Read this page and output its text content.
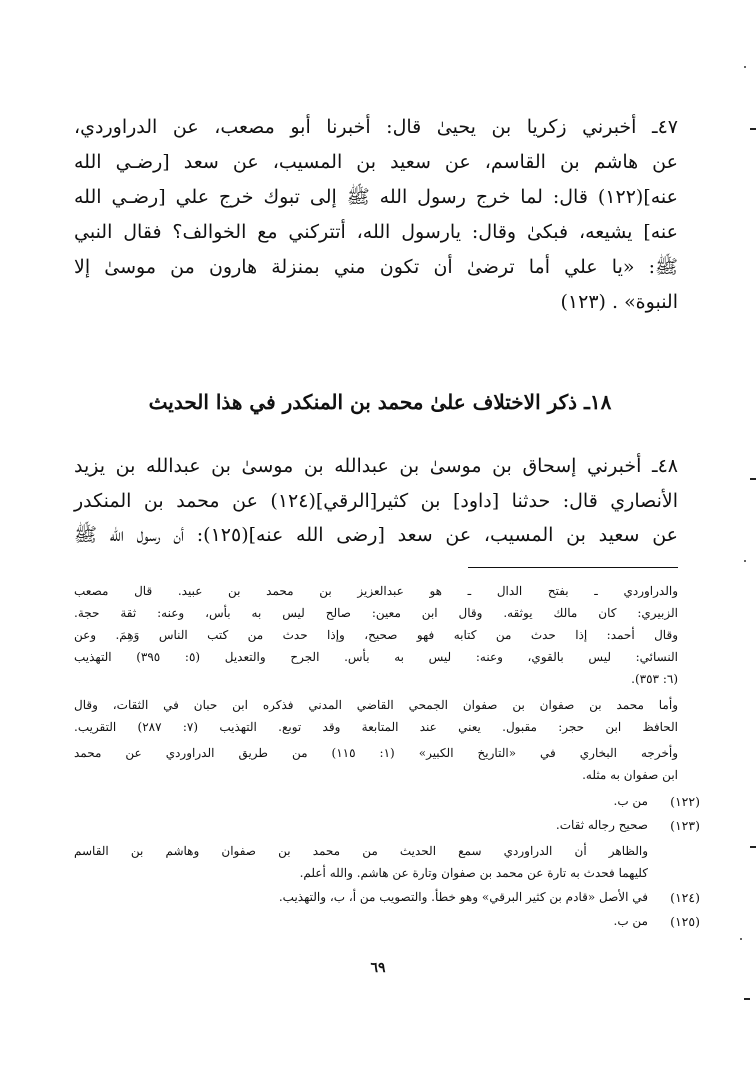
٤٧ـ أخبرني زكريا بن يحيىٰ قال: أخبرنا أبو مصعب، عن الدراوردي،
عن هاشم بن القاسم، عن سعيد بن المسيب، عن سعد [رضـي الله
عنه](١٢٢) قال: لما خرج رسول الله ﷺ إلى تبوك خرج علي [رضـي الله
عنه] يشيعه، فبكىٰ وقال: يارسول الله، أتتركني مع الخوالف؟ فقال النبي
ﷺ: «يا علي أما ترضىٰ أن تكون مني بمنزلة هارون من موسىٰ إلا
النبوة» . (١٢٣)
١٨ـ ذكر الاختلاف علىٰ محمد بن المنكدر في هذا الحديث
٤٨ـ أخبرني إسحاق بن موسىٰ بن عبدالله بن موسىٰ بن عبدالله بن يزيد
الأنصاري قال: حدثنا [داود] بن كثير[الرقي](١٢٤) عن محمد بن المنكدر
عن سعيد بن المسيب، عن سعد [رضى الله عنه](١٢٥): أن رسول الله ﷺ
والدراوردي ـ بفتح الدال ـ هو عبدالعزيز بن محمد بن عبيد. قال مصعب
الزبيري: كان مالك يوثقه. وقال ابن معين: صالح ليس به بأس، وعنه: ثقة حجة.
وقال أحمد: إذا حدث من كتابه فهو صحيح، وإذا حدث من كتب الناس وَهِمَ. وعن
النسائي: ليس بالقوي، وعنه: ليس به بأس. الجرح والتعديل (٥: ٣٩٥) التهذيب
(٦: ٣٥٣).
وأما محمد بن صفوان بن صفوان الجمحي القاضي المدني فذكره ابن حبان في الثقات، وقال
الحافظ ابن حجر: مقبول. يعني عند المتابعة وقد توبع. التهذيب (٧: ٢٨٧) التقريب.
وأخرجه البخاري في «التاريخ الكبير» (١: ١١٥) من طريق الدراوردي عن محمد
ابن صفوان به مثله.
(١٢٢)
من ب.
(١٢٣)
صحيح رجاله ثقات.
والظاهر أن الدراوردي سمع الحديث من محمد بن صفوان وهاشم بن القاسم
كليهما فحدث به تارة عن محمد بن صفوان وتارة عن هاشم. والله أعلم.
(١٢٤)
في الأصل «قادم بن كثير البرقي» وهو خطأ. والتصويب من أ، ب، والتهذيب.
(١٢٥)
من ب.
٦٩
